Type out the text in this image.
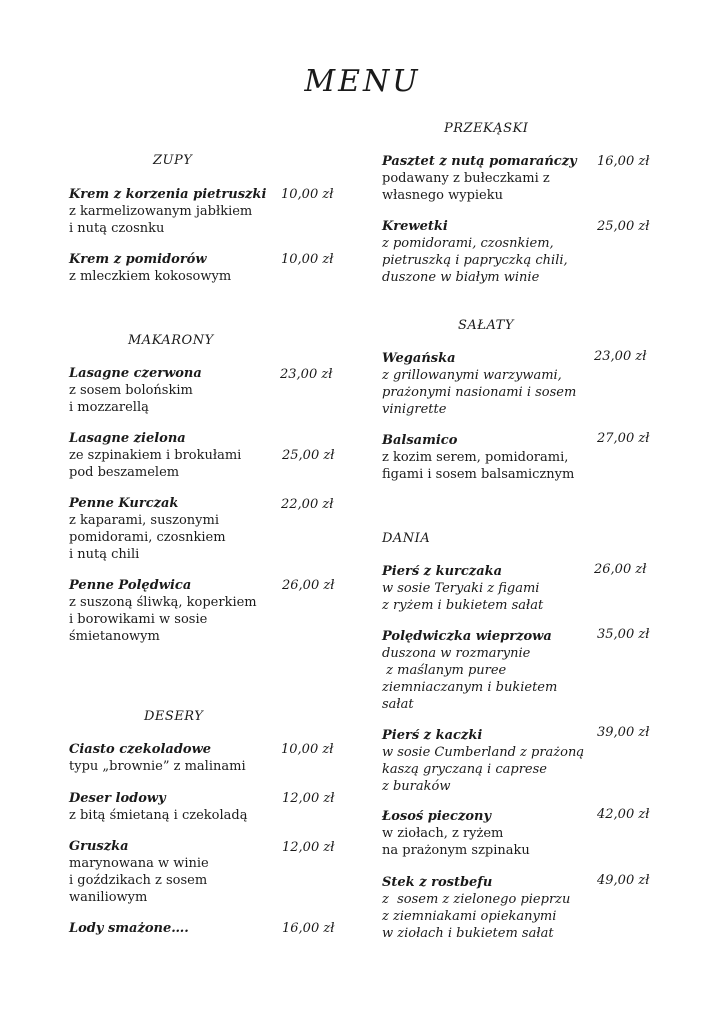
MENU
ZUPY
Krem z korzenia pietruszki
z karmelizowanym jabłkiem
i nutą czosnku
10,00 zł
Krem z pomidorów
z mleczkiem kokosowym
10,00 zł
MAKARONY
Lasagne czerwona
z sosem bolońskim
i mozzarellą
23,00 zł
Lasagne zielona
ze szpinakiem i brokułami
pod beszamelem
25,00 zł
Penne Kurczak
z kaparami, suszonymi
pomidorami, czosnkiem
i nutą chili
22,00 zł
Penne Polędwica
z suszoną śliwką, koperkiem
i borowikami w sosie
śmietanowym
26,00 zł
DESERY
Ciasto czekoladowe
typu „brownie” z malinami
10,00 zł
Deser lodowy
z bitą śmietaną i czekoladą
12,00 zł
Gruszka
marynowana w winie
i goździkach z sosem
waniliowym
12,00 zł
Lody smażone….	16,00 zł
PRZEKĄSKI
Pasztet z nutą pomarańczy
podawany z bułeczkami z
własnego wypieku
16,00 zł
Krewetki
z pomidorami, czosnkiem,
pietruszką i papryczką chili,
duszone w białym winie
25,00 zł
SAŁATY
Wegańska
z grillowanymi warzywami,
prażonymi nasionami i sosem
vinigrette
23,00 zł
Balsamico
z kozim serem, pomidorami,
figami i sosem balsamicznym
27,00 zł
DANIA
Pierś z kurczaka
w sosie Teryaki z figami
z ryżem i bukietem sałat
26,00 zł
Polędwiczka wieprzowa
duszona w rozmarynie
z maślanym puree
ziemniaczanym i bukietem
sałat
35,00 zł
Pierś z kaczki
w sosie Cumberland z prażoną
kaszą gryczaną i caprese
z buraków
39,00 zł
Łosoś pieczony
w ziołach, z ryżem
na prażonym szpinaku
42,00 zł
Stek z rostbefu
z  sosem z zielonego pieprzu
z ziemniakami opiekanymi
w ziołach i bukietem sałat
49,00 zł
